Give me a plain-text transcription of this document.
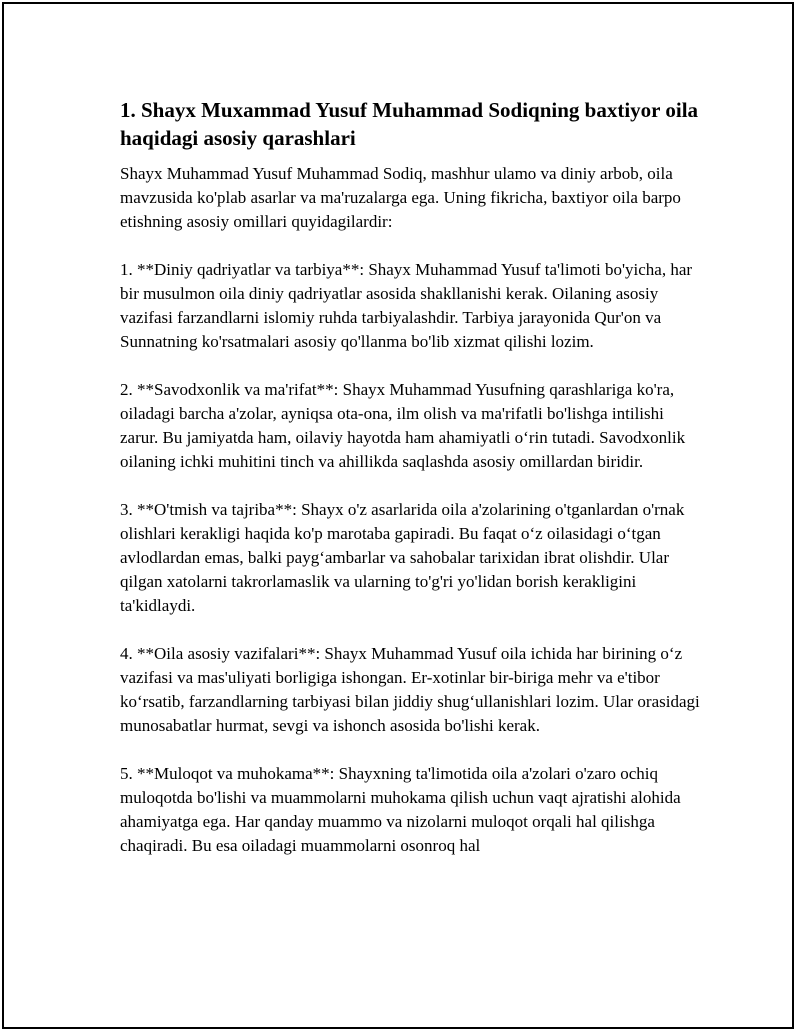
1. Shayx Muxammad Yusuf Muhammad Sodiqning baxtiyor oila haqidagi asosiy qarashlari

Shayx Muhammad Yusuf Muhammad Sodiq, mashhur ulamo va diniy arbob, oila mavzusida ko'plab asarlar va ma'ruzalarga ega. Uning fikricha, baxtiyor oila barpo etishning asosiy omillari quyidagilardir:

1. **Diniy qadriyatlar va tarbiya**: Shayx Muhammad Yusuf ta'limoti bo'yicha, har bir musulmon oila diniy qadriyatlar asosida shakllanishi kerak. Oilaning asosiy vazifasi farzandlarni islomiy ruhda tarbiyalashdir. Tarbiya jarayonida Qur'on va Sunnatning ko'rsatmalari asosiy qo'llanma bo'lib xizmat qilishi lozim.

2. **Savodxonlik va ma'rifat**: Shayx Muhammad Yusufning qarashlariga ko'ra, oiladagi barcha a'zolar, ayniqsa ota-ona, ilm olish va ma'rifatli bo'lishga intilishi zarur. Bu jamiyatda ham, oilaviy hayotda ham ahamiyatli o‘rin tutadi. Savodxonlik oilaning ichki muhitini tinch va ahillikda saqlashda asosiy omillardan biridir.

3. **O'tmish va tajriba**: Shayx o'z asarlarida oila a'zolarining o'tganlardan o'rnak olishlari kerakligi haqida ko'p marotaba gapiradi. Bu faqat o‘z oilasidagi o‘tgan avlodlardan emas, balki payg‘ambarlar va sahobalar tarixidan ibrat olishdir. Ular qilgan xatolarni takrorlamaslik va ularning to'g'ri yo'lidan borish kerakligini ta'kidlaydi.

4. **Oila asosiy vazifalari**: Shayx Muhammad Yusuf oila ichida har birining o‘z vazifasi va mas'uliyati borligiga ishongan. Er-xotinlar bir-biriga mehr va e'tibor ko‘rsatib, farzandlarning tarbiyasi bilan jiddiy shug‘ullanishlari lozim. Ular orasidagi munosabatlar hurmat, sevgi va ishonch asosida bo'lishi kerak.

5. **Muloqot va muhokama**: Shayxning ta'limotida oila a'zolari o'zaro ochiq muloqotda bo'lishi va muammolarni muhokama qilish uchun vaqt ajratishi alohida ahamiyatga ega. Har qanday muammo va nizolarni muloqot orqali hal qilishga chaqiradi. Bu esa oiladagi muammolarni osonroq hal
